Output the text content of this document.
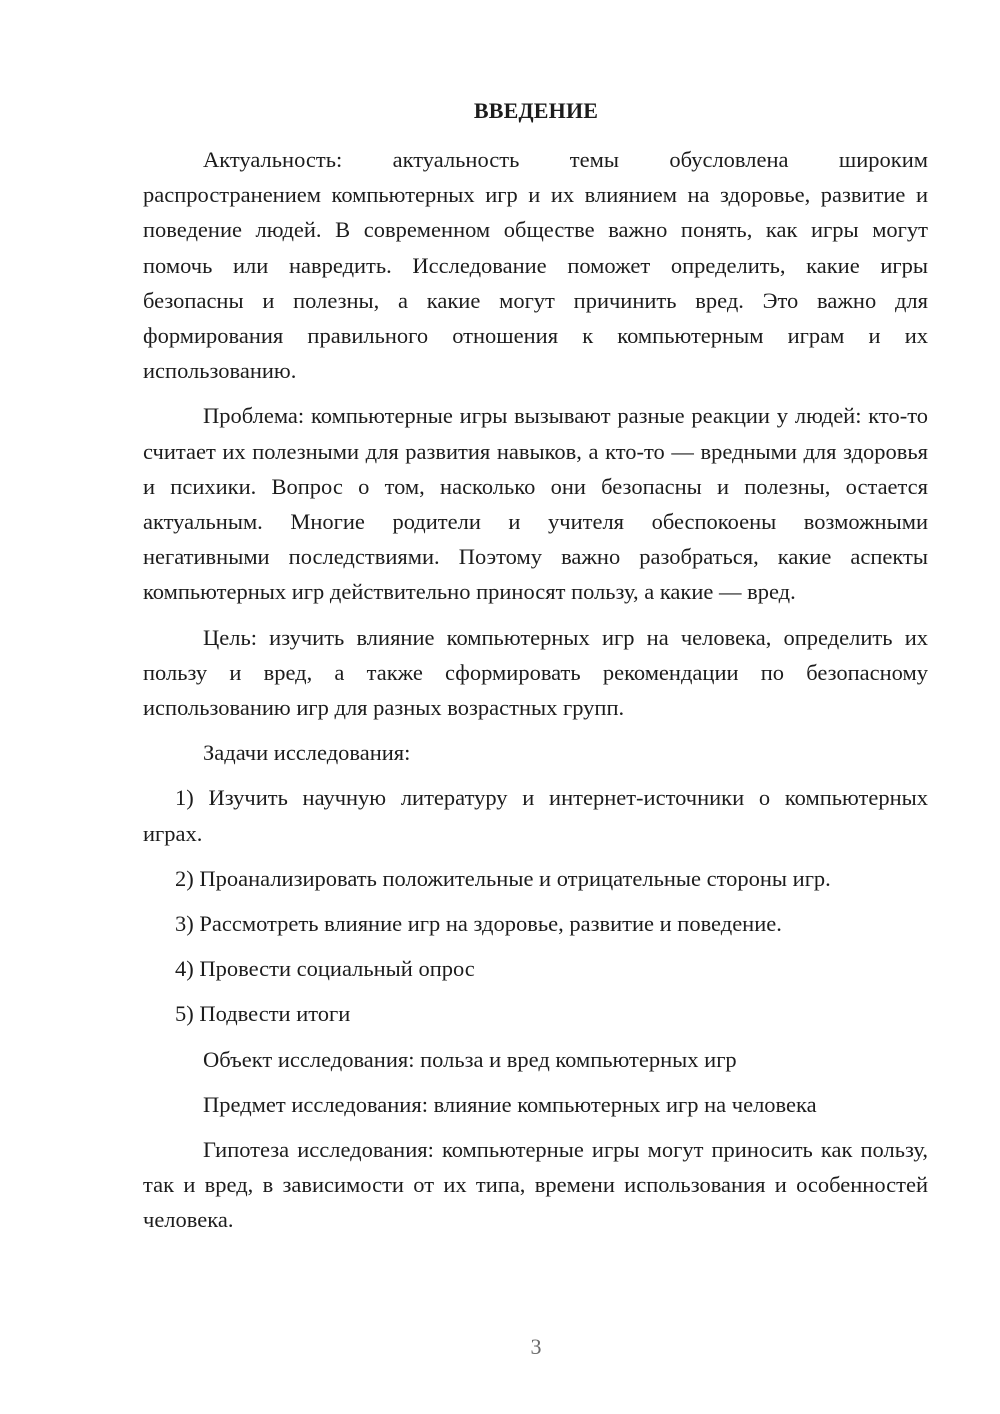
ВВЕДЕНИЕ

Актуальность: актуальность темы обусловлена широким распространением компьютерных игр и их влиянием на здоровье, развитие и поведение людей. В современном обществе важно понять, как игры могут помочь или навредить. Исследование поможет определить, какие игры безопасны и полезны, а какие могут причинить вред. Это важно для формирования правильного отношения к компьютерным играм и их использованию.

Проблема: компьютерные игры вызывают разные реакции у людей: кто-то считает их полезными для развития навыков, а кто-то — вредными для здоровья и психики. Вопрос о том, насколько они безопасны и полезны, остается актуальным. Многие родители и учителя обеспокоены возможными негативными последствиями. Поэтому важно разобраться, какие аспекты компьютерных игр действительно приносят пользу, а какие — вред.

Цель: изучить влияние компьютерных игр на человека, определить их пользу и вред, а также сформировать рекомендации по безопасному использованию игр для разных возрастных групп.

Задачи исследования:

1) Изучить научную литературу и интернет-источники о компьютерных играх.

2) Проанализировать положительные и отрицательные стороны игр.

3) Рассмотреть влияние игр на здоровье, развитие и поведение.

4) Провести социальный опрос

5) Подвести итоги

Объект исследования: польза и вред компьютерных игр

Предмет исследования: влияние компьютерных игр на человека

Гипотеза исследования: компьютерные игры могут приносить как пользу, так и вред, в зависимости от их типа, времени использования и особенностей человека.

3
